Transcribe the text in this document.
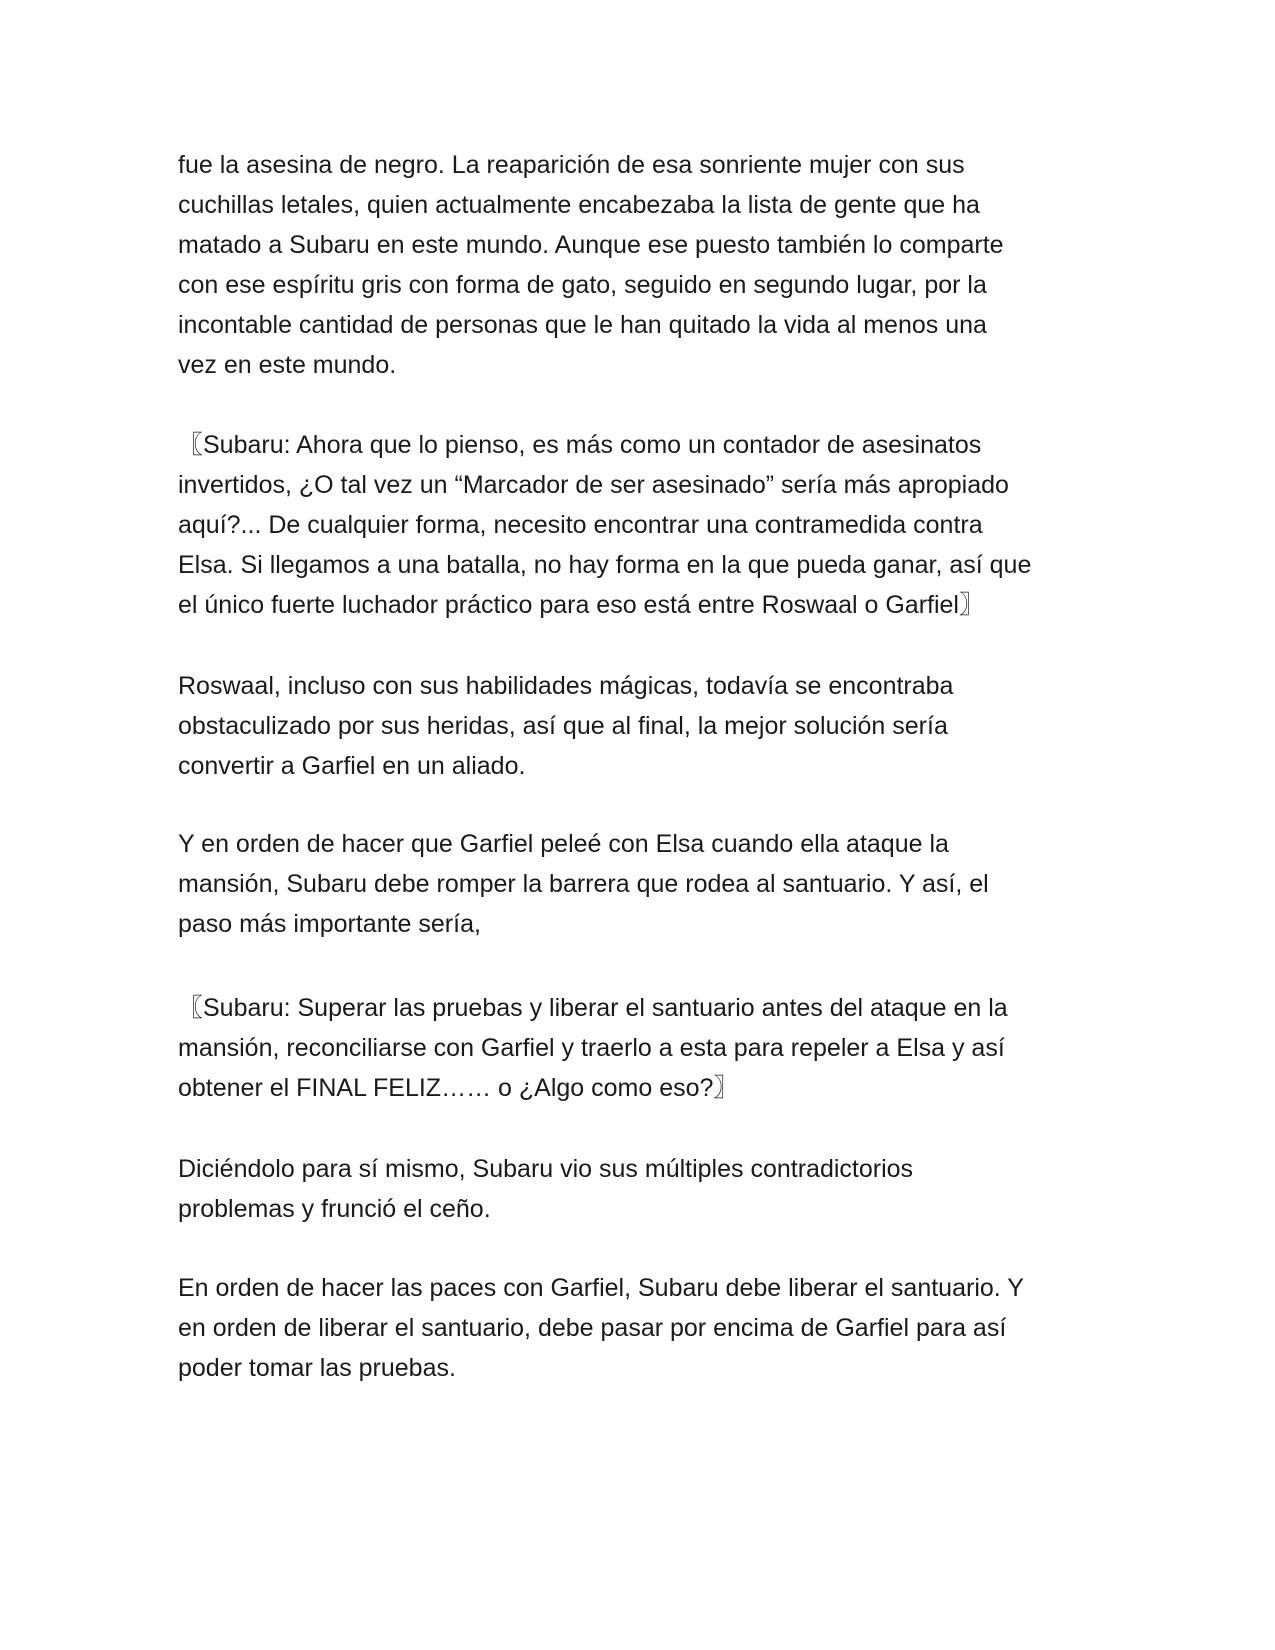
fue la asesina de negro. La reaparición de esa sonriente mujer con sus
cuchillas letales, quien actualmente encabezaba la lista de gente que ha
matado a Subaru en este mundo. Aunque ese puesto también lo comparte
con ese espíritu gris con forma de gato, seguido en segundo lugar, por la
incontable cantidad de personas que le han quitado la vida al menos una
vez en este mundo.
〖Subaru: Ahora que lo pienso, es más como un contador de asesinatos
invertidos, ¿O tal vez un “Marcador de ser asesinado” sería más apropiado
aquí?... De cualquier forma, necesito encontrar una contramedida contra
Elsa. Si llegamos a una batalla, no hay forma en la que pueda ganar, así que
el único fuerte luchador práctico para eso está entre Roswaal o Garfiel〗
Roswaal, incluso con sus habilidades mágicas, todavía se encontraba
obstaculizado por sus heridas, así que al final, la mejor solución sería
convertir a Garfiel en un aliado.
Y en orden de hacer que Garfiel peleé con Elsa cuando ella ataque la
mansión, Subaru debe romper la barrera que rodea al santuario. Y así, el
paso más importante sería,
〖Subaru: Superar las pruebas y liberar el santuario antes del ataque en la
mansión, reconciliarse con Garfiel y traerlo a esta para repeler a Elsa y así
obtener el FINAL FELIZ…… o ¿Algo como eso?〗
Diciéndolo para sí mismo, Subaru vio sus múltiples contradictorios
problemas y frunció el ceño.
En orden de hacer las paces con Garfiel, Subaru debe liberar el santuario. Y
en orden de liberar el santuario, debe pasar por encima de Garfiel para así
poder tomar las pruebas.
